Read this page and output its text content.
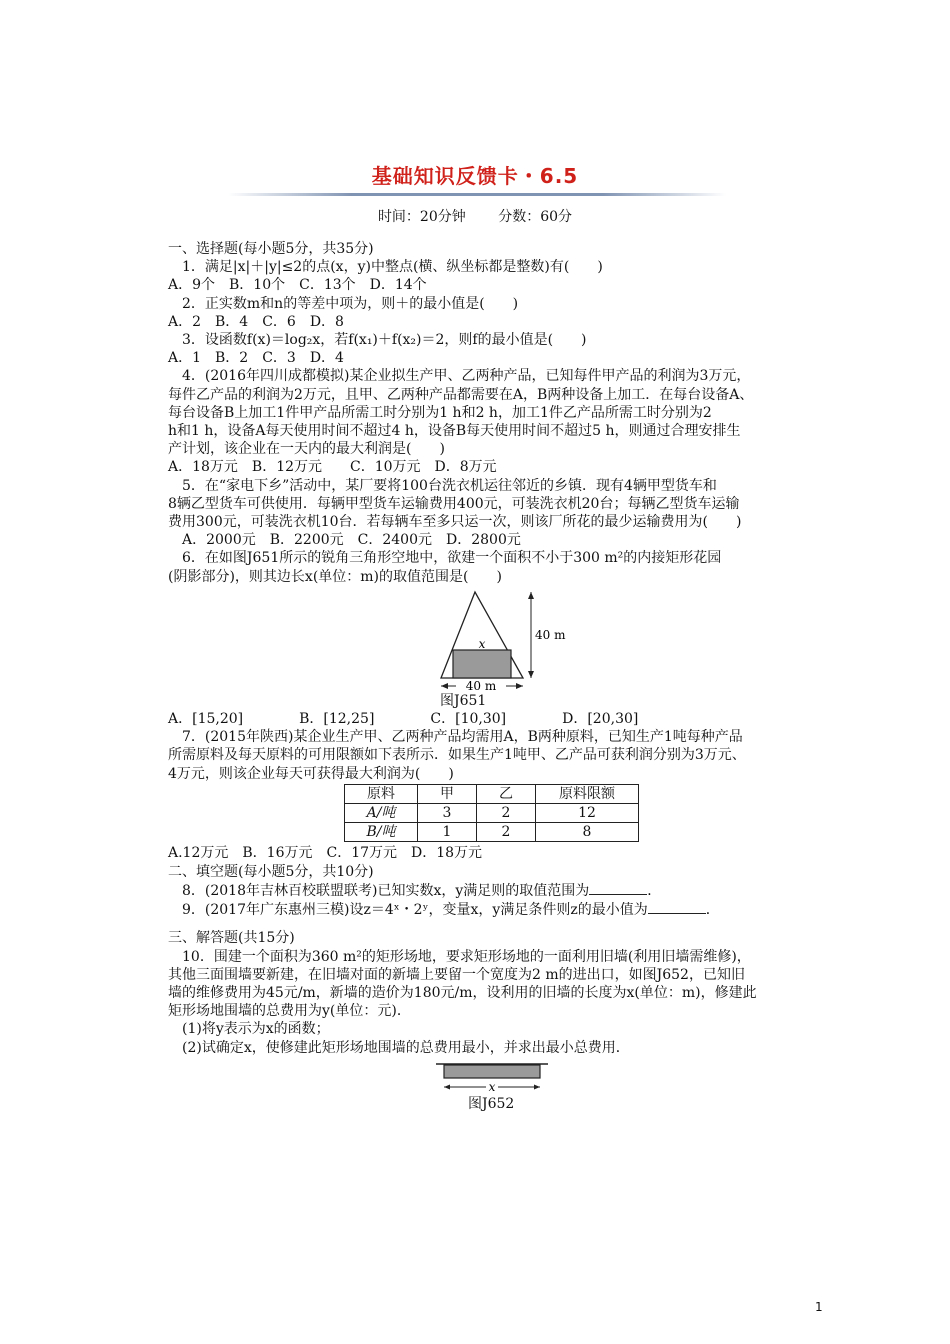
基础知识反馈卡・6.5
时间：20分钟 分数：60分

一、选择题(每小题5分，共35分)

1．满足|x|＋|y|≤2的点(x，y)中整点(横、纵坐标都是整数)有(　　)

A．9个　B．10个　C．13个　D．14个

2．正实数m和n的等差中项为，则＋的最小值是(　　)

A．2　B．4　C．6　D．8

3．设函数f(x)＝log₂x，若f(x₁)＋f(x₂)＝2，则f的最小值是(　　)

A．1　B．2　C．3　D．4

4．(2016年四川成都模拟)某企业拟生产甲、乙两种产品，已知每件甲产品的利润为3万元，

每件乙产品的利润为2万元，且甲、乙两种产品都需要在A，B两种设备上加工．在每台设备A、

每台设备B上加工1件甲产品所需工时分别为1 h和2 h，加工1件乙产品所需工时分别为2

h和1 h，设备A每天使用时间不超过4 h，设备B每天使用时间不超过5 h，则通过合理安排生

产计划，该企业在一天内的最大利润是(　　)

A．18万元　B．12万元　　C．10万元　D．8万元

5．在“家电下乡”活动中，某厂要将100台洗衣机运往邻近的乡镇．现有4辆甲型货车和

8辆乙型货车可供使用．每辆甲型货车运输费用400元，可装洗衣机20台；每辆乙型货车运输

费用300元，可装洗衣机10台．若每辆车至多只运一次，则该厂所花的最少运输费用为(　　)

A．2000元　B．2200元　C．2400元　D．2800元

6．在如图J651所示的锐角三角形空地中，欲建一个面积不小于300 m²的内接矩形花园

(阴影部分)，则其边长x(单位：m)的取值范围是(　　)

40 m
40 m
x

图J651

A．[15,20]　　　　B．[12,25]　　　　C．[10,30]　　　　D．[20,30]

7．(2015年陕西)某企业生产甲、乙两种产品均需用A，B两种原料，已知生产1吨每种产品

所需原料及每天原料的可用限额如下表所示．如果生产1吨甲、乙产品可获利润分别为3万元、

4万元，则该企业每天可获得最大利润为(　　)

原料	甲	乙	原料限额
A/吨	3	2	12
B/吨	1	2	8

A.12万元　B．16万元　C．17万元　D．18万元

二、填空题(每小题5分，共10分)

8．(2018年吉林百校联盟联考)已知实数x，y满足则的取值范围为	．

9．(2017年广东惠州三模)设z＝4ˣ・2ʸ，变量x，y满足条件则z的最小值为	．

三、解答题(共15分)

10．围建一个面积为360 m²的矩形场地，要求矩形场地的一面利用旧墙(利用旧墙需维修)，

其他三面围墙要新建，在旧墙对面的新墙上要留一个宽度为2 m的进出口，如图J652，已知旧

墙的维修费用为45元/m，新墙的造价为180元/m，设利用的旧墙的长度为x(单位：m)，修建此

矩形场地围墙的总费用为y(单位：元)．

(1)将y表示为x的函数；

(2)试确定x，使修建此矩形场地围墙的总费用最小，并求出最小总费用．

x

图J652

1
